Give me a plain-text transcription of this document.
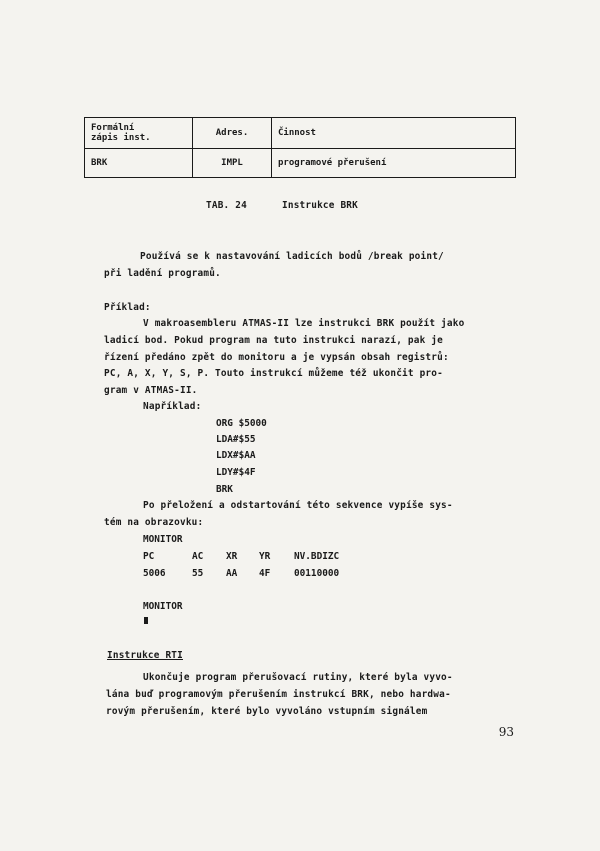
Formální
zápis inst.	Adres.	Činnost
BRK	IMPL	programové přerušení
TAB. 24	Instrukce BRK
Používá se k nastavování ladicích bodů /break point/
při ladění programů.
Příklad:
V makroasembleru ATMAS-II lze instrukci BRK použít jako
ladicí bod. Pokud program na tuto instrukci narazí, pak je
řízení předáno zpět do monitoru a je vypsán obsah registrů:
PC, A, X, Y, S, P. Touto instrukcí můžeme též ukončit pro-
gram v ATMAS-II.
Například:
ORG $5000
LDA#$55
LDX#$AA
LDY#$4F
BRK
Po přeložení a odstartování této sekvence vypíše sys-
tém na obrazovku:
MONITOR
PC	AC XR YR	NV.BDIZC
5006	55 AA 4F	00110000
MONITOR
Instrukce RTI
Ukončuje program přerušovací rutiny, které byla vyvo-
lána buď programovým přerušením instrukcí BRK, nebo hardwa-
rovým přerušením, které bylo vyvoláno vstupním signálem
93
